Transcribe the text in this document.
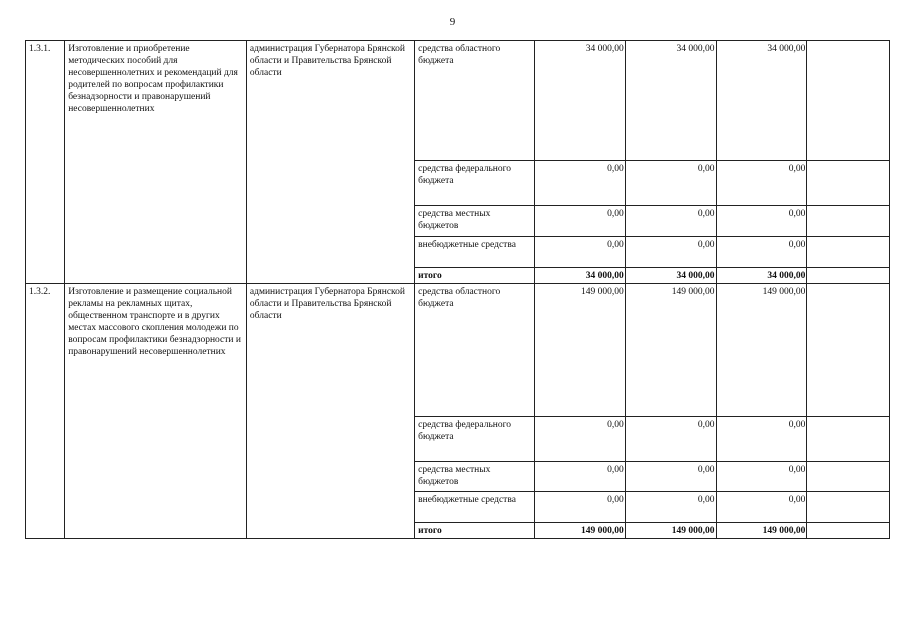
9
1.3.1.	Изготовление и приобретение методических пособий для несовершеннолетних и рекомендаций для родителей по вопросам профилактики безнадзорности и правонарушений несовершеннолетних	администрация Губернатора Брянской области и Правительства Брянской области	средства областного бюджета	34 000,00	34 000,00	34 000,00	
			средства федерального бюджета	0,00	0,00	0,00	
			средства местных бюджетов	0,00	0,00	0,00	
			внебюджетные средства	0,00	0,00	0,00	
			итого	34 000,00	34 000,00	34 000,00	
1.3.2.	Изготовление и размещение социальной рекламы на рекламных щитах, общественном транспорте и в других местах массового скопления молодежи по вопросам профилактики безнадзорности и правонарушений несовершеннолетних	администрация Губернатора Брянской области и Правительства Брянской области	средства областного бюджета	149 000,00	149 000,00	149 000,00	
			средства федерального бюджета	0,00	0,00	0,00	
			средства местных бюджетов	0,00	0,00	0,00	
			внебюджетные средства	0,00	0,00	0,00	
			итого	149 000,00	149 000,00	149 000,00	
